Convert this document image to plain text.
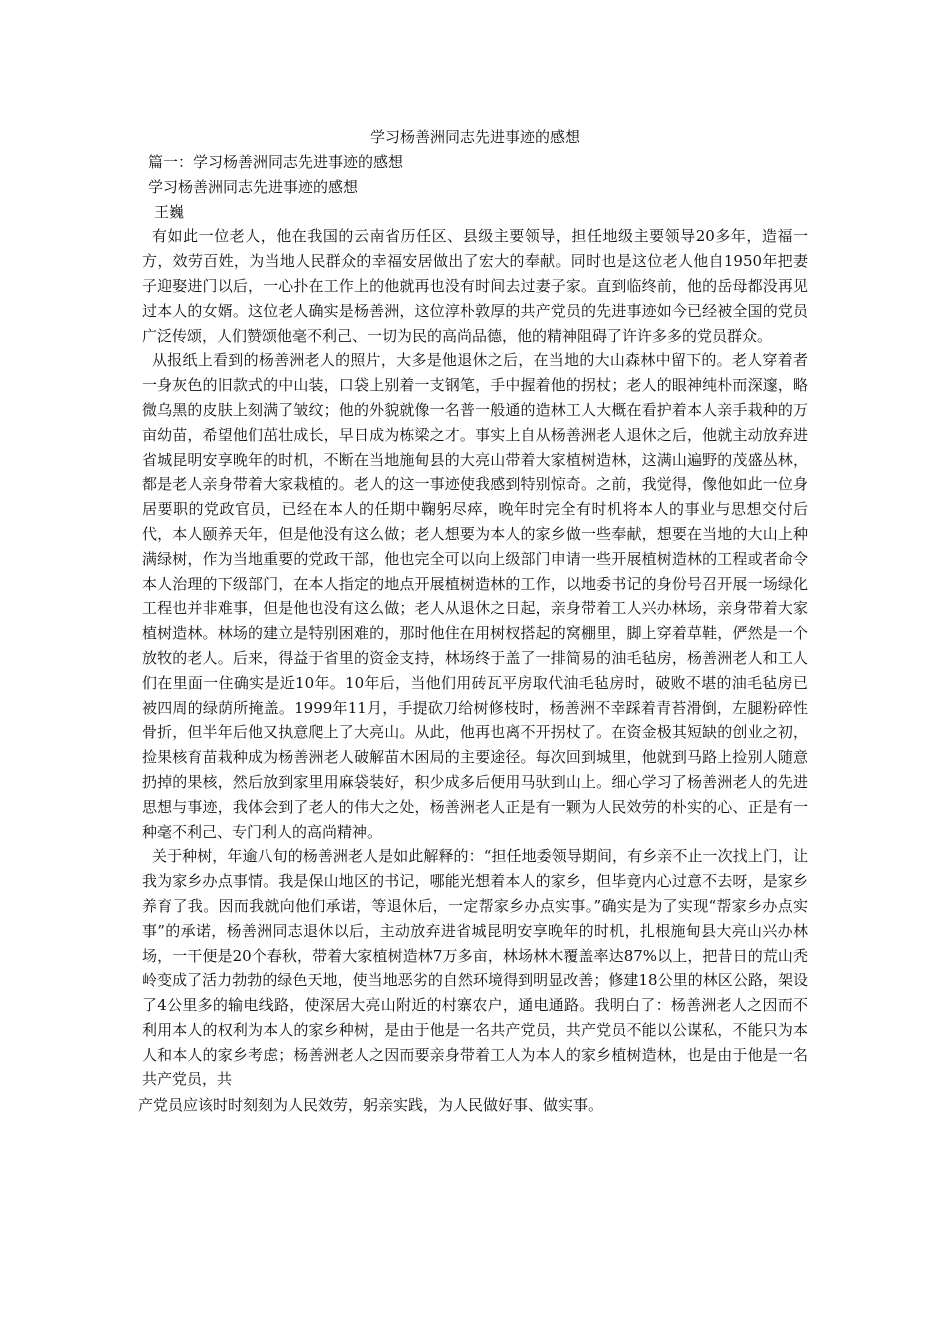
学习杨善洲同志先进事迹的感想

篇一：学习杨善洲同志先进事迹的感想

学习杨善洲同志先进事迹的感想

王巍

有如此一位老人，他在我国的云南省历任区、县级主要领导，担任地级主要领导20多年，造福一方，效劳百姓，为当地人民群众的幸福安居做出了宏大的奉献。同时也是这位老人他自1950年把妻子迎娶进门以后，一心扑在工作上的他就再也没有时间去过妻子家。直到临终前，他的岳母都没再见过本人的女婿。这位老人确实是杨善洲，这位淳朴敦厚的共产党员的先进事迹如今已经被全国的党员广泛传颂，人们赞颂他毫不利己、一切为民的高尚品德，他的精神阻碍了许许多多的党员群众。

从报纸上看到的杨善洲老人的照片，大多是他退休之后，在当地的大山森林中留下的。老人穿着者一身灰色的旧款式的中山装，口袋上别着一支钢笔，手中握着他的拐杖；老人的眼神纯朴而深邃，略微乌黑的皮肤上刻满了皱纹；他的外貌就像一名普一般通的造林工人大概在看护着本人亲手栽种的万亩幼苗，希望他们茁壮成长，早日成为栋梁之才。事实上自从杨善洲老人退休之后，他就主动放弃进省城昆明安享晚年的时机，不断在当地施甸县的大亮山带着大家植树造林，这满山遍野的茂盛丛林，都是老人亲身带着大家栽植的。老人的这一事迹使我感到特别惊奇。之前，我觉得，像他如此一位身居要职的党政官员，已经在本人的任期中鞠躬尽瘁，晚年时完全有时机将本人的事业与思想交付后代，本人颐养天年，但是他没有这么做；老人想要为本人的家乡做一些奉献，想要在当地的大山上种满绿树，作为当地重要的党政干部，他也完全可以向上级部门申请一些开展植树造林的工程或者命令本人治理的下级部门，在本人指定的地点开展植树造林的工作，以地委书记的身份号召开展一场绿化工程也并非难事，但是他也没有这么做；老人从退休之日起，亲身带着工人兴办林场，亲身带着大家植树造林。林场的建立是特别困难的，那时他住在用树杈搭起的窝棚里，脚上穿着草鞋，俨然是一个放牧的老人。后来，得益于省里的资金支持，林场终于盖了一排简易的油毛毡房，杨善洲老人和工人们在里面一住确实是近10年。10年后，当他们用砖瓦平房取代油毛毡房时，破败不堪的油毛毡房已被四周的绿荫所掩盖。1999年11月，手提砍刀给树修枝时，杨善洲不幸踩着青苔滑倒，左腿粉碎性骨折，但半年后他又执意爬上了大亮山。从此，他再也离不开拐杖了。在资金极其短缺的创业之初，捡果核育苗栽种成为杨善洲老人破解苗木困局的主要途径。每次回到城里，他就到马路上捡别人随意扔掉的果核，然后放到家里用麻袋装好，积少成多后便用马驮到山上。细心学习了杨善洲老人的先进思想与事迹，我体会到了老人的伟大之处，杨善洲老人正是有一颗为人民效劳的朴实的心、正是有一种毫不利己、专门利人的高尚精神。

关于种树，年逾八旬的杨善洲老人是如此解释的：“担任地委领导期间，有乡亲不止一次找上门，让我为家乡办点事情。我是保山地区的书记，哪能光想着本人的家乡，但毕竟内心过意不去呀，是家乡养育了我。因而我就向他们承诺，等退休后，一定帮家乡办点实事。”确实是为了实现“帮家乡办点实事”的承诺，杨善洲同志退休以后，主动放弃进省城昆明安享晚年的时机，扎根施甸县大亮山兴办林场，一干便是20个春秋，带着大家植树造林7万多亩，林场林木覆盖率达87%以上，把昔日的荒山秃岭变成了活力勃勃的绿色天地，使当地恶劣的自然环境得到明显改善；修建18公里的林区公路，架设了4公里多的输电线路，使深居大亮山附近的村寨农户，通电通路。我明白了：杨善洲老人之因而不利用本人的权利为本人的家乡种树，是由于他是一名共产党员，共产党员不能以公谋私，不能只为本人和本人的家乡考虑；杨善洲老人之因而要亲身带着工人为本人的家乡植树造林，也是由于他是一名共产党员，共

产党员应该时时刻刻为人民效劳，躬亲实践，为人民做好事、做实事。
